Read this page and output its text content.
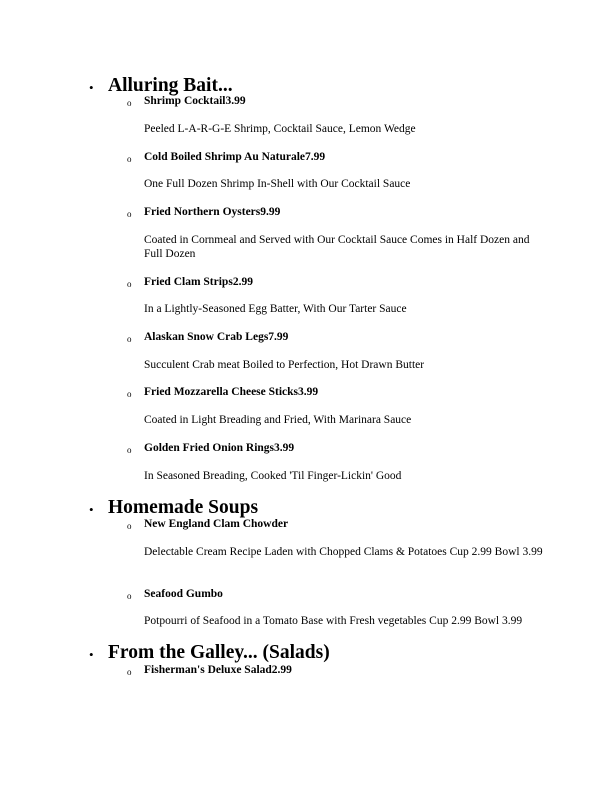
• Alluring Bait...
o Shrimp Cocktail3.99
Peeled L-A-R-G-E Shrimp, Cocktail Sauce, Lemon Wedge
o Cold Boiled Shrimp Au Naturale7.99
One Full Dozen Shrimp In-Shell with Our Cocktail Sauce
o Fried Northern Oysters9.99
Coated in Cornmeal and Served with Our Cocktail Sauce Comes in Half Dozen and Full Dozen
o Fried Clam Strips2.99
In a Lightly-Seasoned Egg Batter, With Our Tarter Sauce
o Alaskan Snow Crab Legs7.99
Succulent Crab meat Boiled to Perfection, Hot Drawn Butter
o Fried Mozzarella Cheese Sticks3.99
Coated in Light Breading and Fried, With Marinara Sauce
o Golden Fried Onion Rings3.99
In Seasoned Breading, Cooked 'Til Finger-Lickin' Good
• Homemade Soups
o New England Clam Chowder
Delectable Cream Recipe Laden with Chopped Clams & Potatoes Cup 2.99 Bowl 3.99
o Seafood Gumbo
Potpourri of Seafood in a Tomato Base with Fresh vegetables Cup 2.99 Bowl 3.99
• From the Galley... (Salads)
o Fisherman's Deluxe Salad2.99
